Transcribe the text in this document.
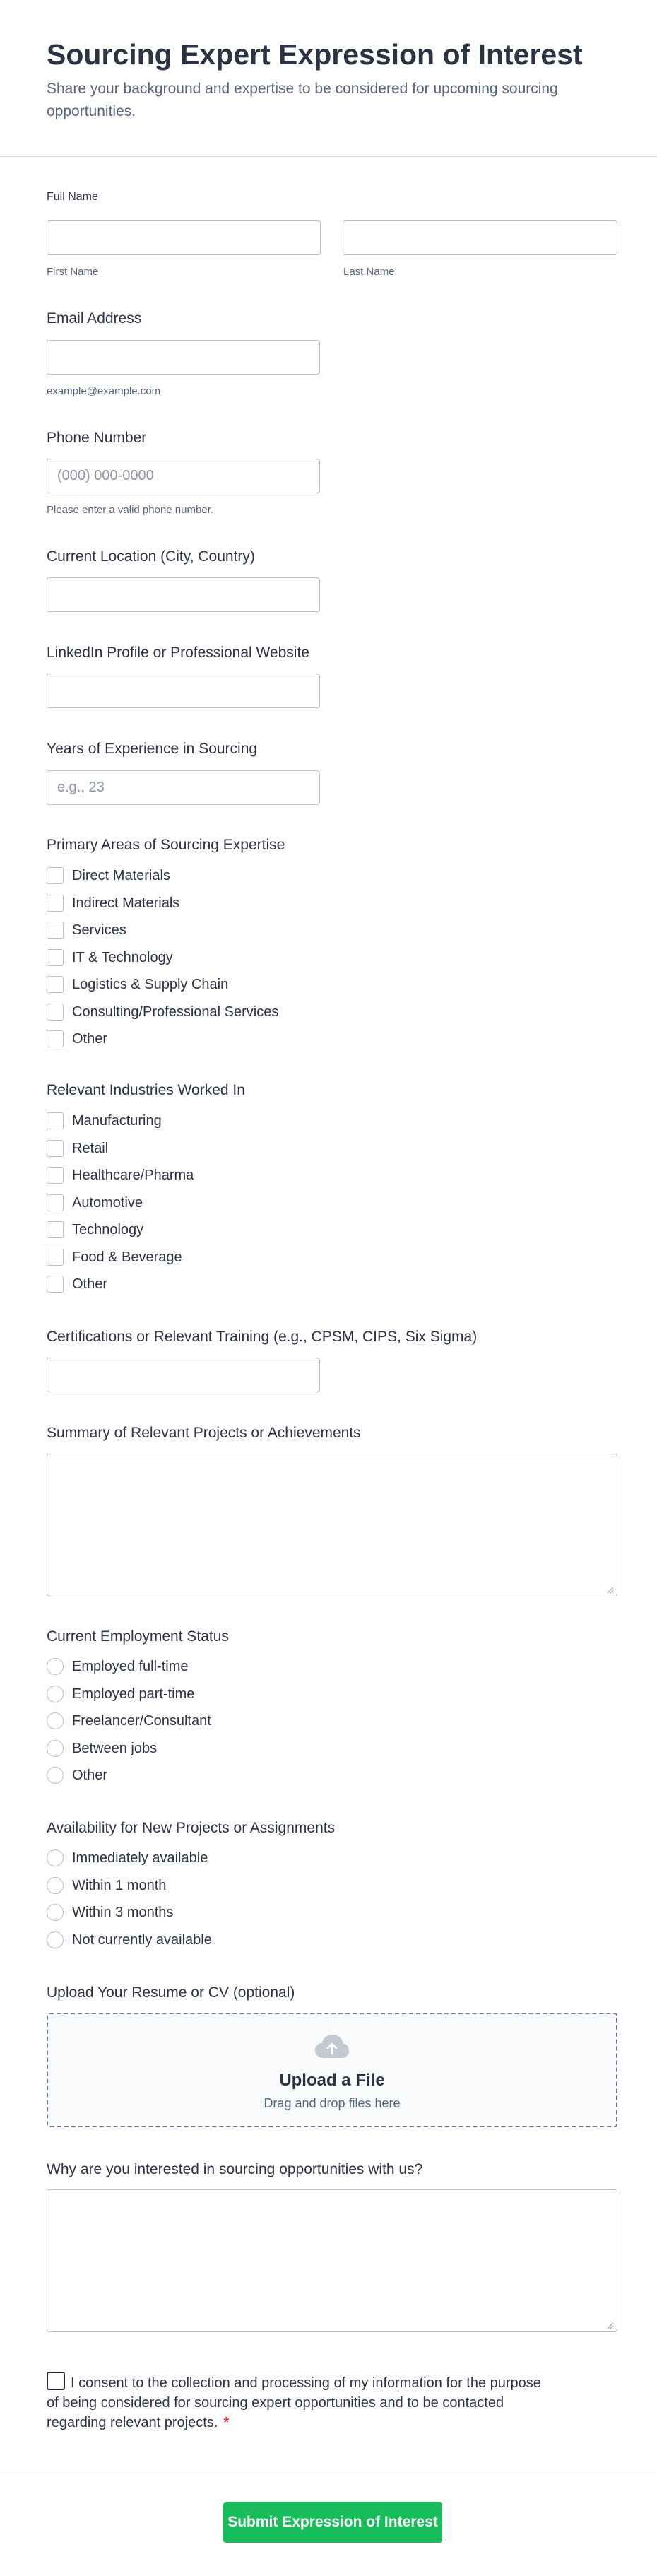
Sourcing Expert Expression of Interest

Share your background and expertise to be considered for upcoming sourcing opportunities.

Full Name
First Name	Last Name
Email Address
example@example.com
Phone Number
(000) 000-0000
Please enter a valid phone number.
Current Location (City, Country)
LinkedIn Profile or Professional Website
Years of Experience in Sourcing
e.g., 23
Primary Areas of Sourcing Expertise
Direct Materials
Indirect Materials
Services
IT & Technology
Logistics & Supply Chain
Consulting/Professional Services
Other
Relevant Industries Worked In
Manufacturing
Retail
Healthcare/Pharma
Automotive
Technology
Food & Beverage
Other
Certifications or Relevant Training (e.g., CPSM, CIPS, Six Sigma)
Summary of Relevant Projects or Achievements
Current Employment Status
Employed full-time
Employed part-time
Freelancer/Consultant
Between jobs
Other
Availability for New Projects or Assignments
Immediately available
Within 1 month
Within 3 months
Not currently available
Upload Your Resume or CV (optional)
Upload a File
Drag and drop files here
Why are you interested in sourcing opportunities with us?
I consent to the collection and processing of my information for the purpose of being considered for sourcing expert opportunities and to be contacted regarding relevant projects. *
Submit Expression of Interest
